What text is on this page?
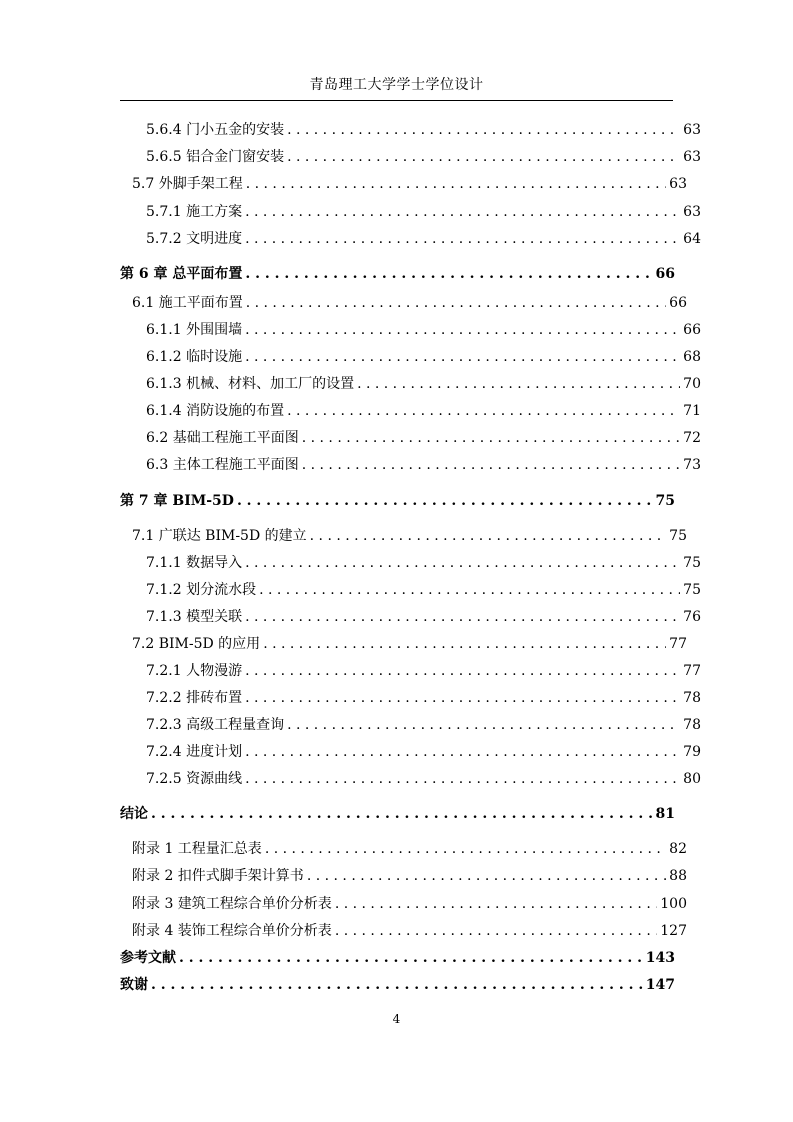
青岛理工大学学士学位设计
5.6.4 门小五金的安装 . . .	63
5.6.5 铝合金门窗安装 . . .	63
5.7 外脚手架工程 . . .	63
5.7.1 施工方案 . . .	63
5.7.2 文明进度 . . .	64
第 6 章 总平面布置 . . .	66
6.1 施工平面布置 . . .	66
6.1.1 外围围墙 . . .	66
6.1.2 临时设施 . . .	68
6.1.3 机械、材料、加工厂的设置 . . .	70
6.1.4 消防设施的布置 . . .	71
6.2 基础工程施工平面图 . . .	72
6.3 主体工程施工平面图 . . .	73
第 7 章 BIM-5D . . .	75
7.1 广联达 BIM-5D 的建立 . . .	75
7.1.1 数据导入 . . .	75
7.1.2 划分流水段 . . .	75
7.1.3 模型关联 . . .	76
7.2 BIM-5D 的应用 . . .	77
7.2.1 人物漫游 . . .	77
7.2.2 排砖布置 . . .	78
7.2.3 高级工程量查询 . . .	78
7.2.4 进度计划 . . .	79
7.2.5 资源曲线 . . .	80
结论 . . .	81
附录 1 工程量汇总表 . . .	82
附录 2 扣件式脚手架计算书 . . .	88
附录 3 建筑工程综合单价分析表 . . .	100
附录 4 装饰工程综合单价分析表 . . .	127
参考文献 . . .	143
致谢 . . .	147
4
